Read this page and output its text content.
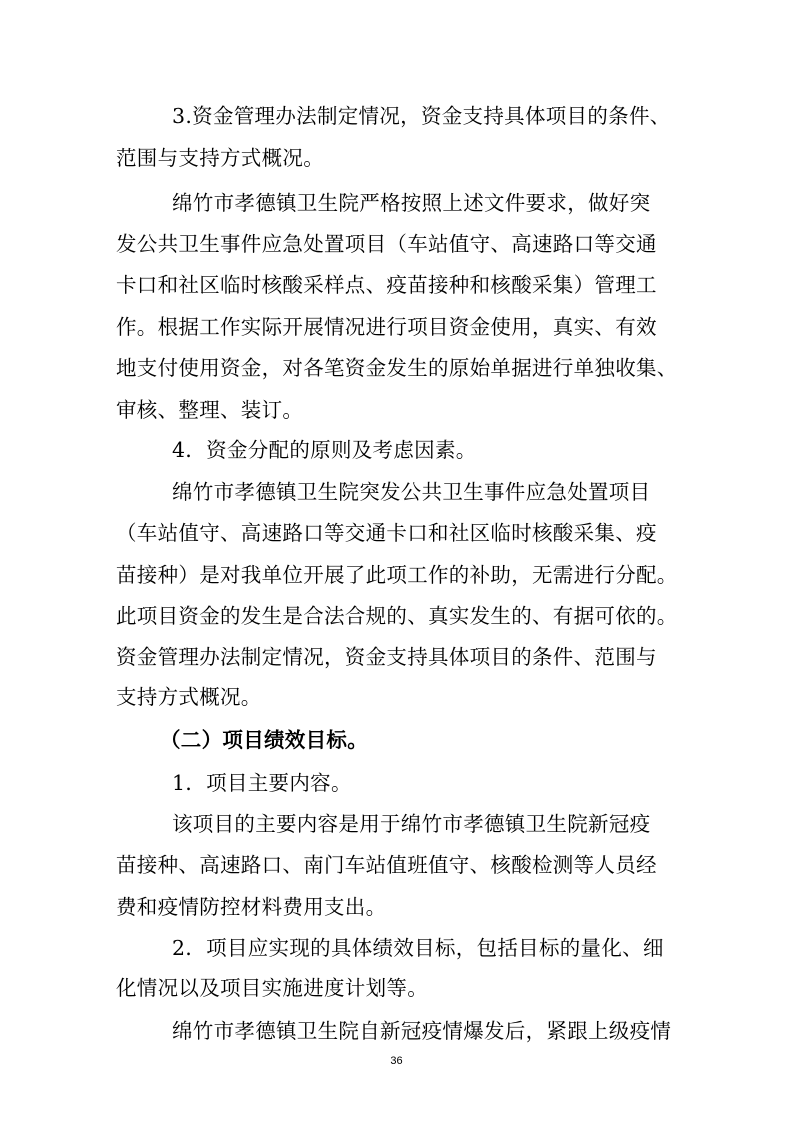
3.资金管理办法制定情况，资金支持具体项目的条件、
范围与支持方式概况。
绵竹市孝德镇卫生院严格按照上述文件要求，做好突
发公共卫生事件应急处置项目（车站值守、高速路口等交通
卡口和社区临时核酸采样点、疫苗接种和核酸采集）管理工
作。根据工作实际开展情况进行项目资金使用，真实、有效
地支付使用资金，对各笔资金发生的原始单据进行单独收集、
审核、整理、装订。
4．资金分配的原则及考虑因素。
绵竹市孝德镇卫生院突发公共卫生事件应急处置项目
（车站值守、高速路口等交通卡口和社区临时核酸采集、疫
苗接种）是对我单位开展了此项工作的补助，无需进行分配。
此项目资金的发生是合法合规的、真实发生的、有据可依的。
资金管理办法制定情况，资金支持具体项目的条件、范围与
支持方式概况。
（二）项目绩效目标。
1．项目主要内容。
该项目的主要内容是用于绵竹市孝德镇卫生院新冠疫
苗接种、高速路口、南门车站值班值守、核酸检测等人员经
费和疫情防控材料费用支出。
2．项目应实现的具体绩效目标，包括目标的量化、细
化情况以及项目实施进度计划等。
绵竹市孝德镇卫生院自新冠疫情爆发后，紧跟上级疫情
36
